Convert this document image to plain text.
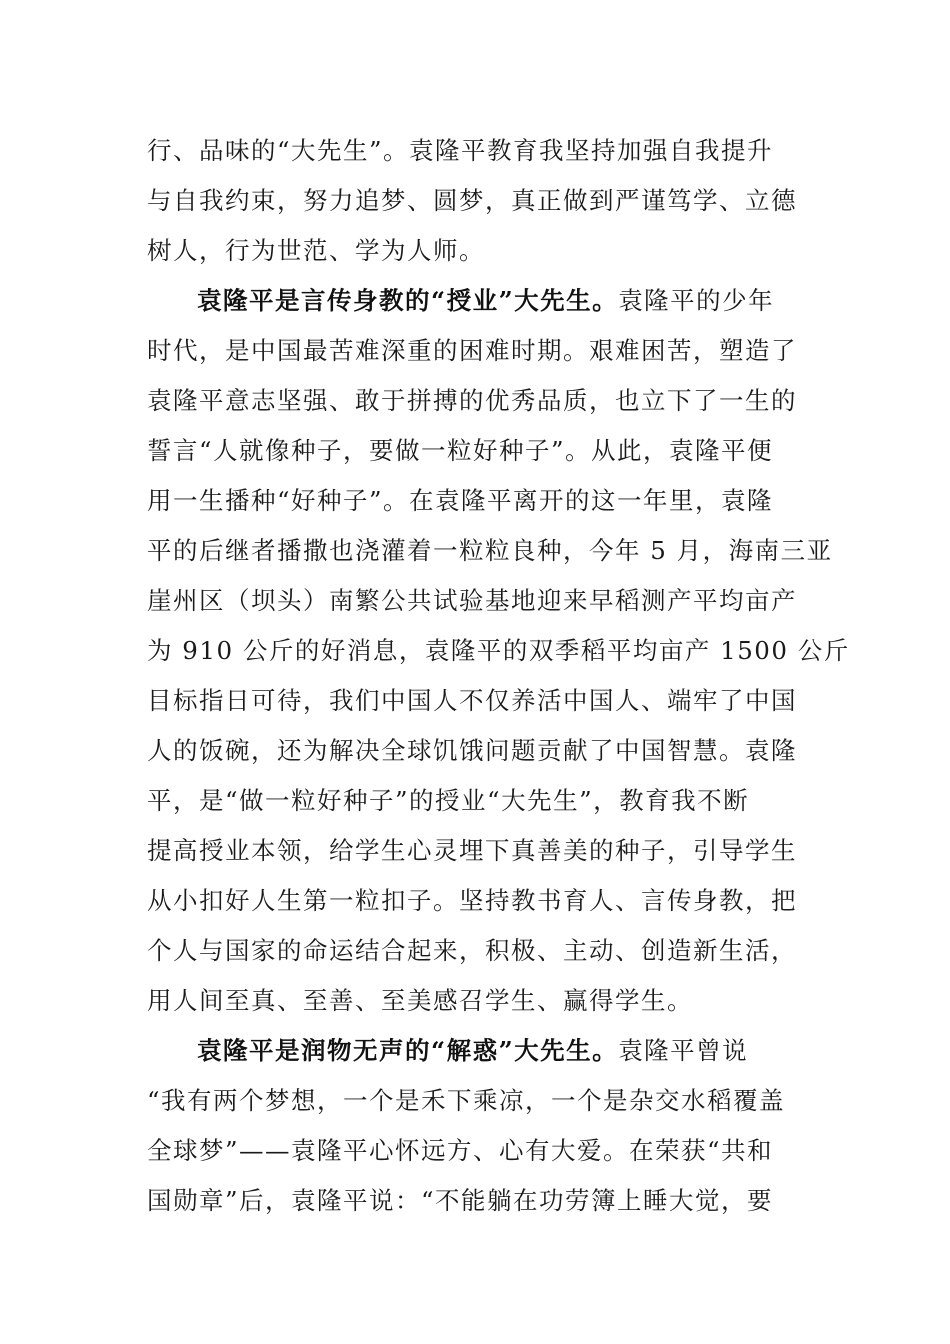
行、品味的“大先生”。袁隆平教育我坚持加强自我提升
与自我约束，努力追梦、圆梦，真正做到严谨笃学、立德
树人，行为世范、学为人师。
袁隆平是言传身教的“授业”大先生。袁隆平的少年
时代，是中国最苦难深重的困难时期。艰难困苦，塑造了
袁隆平意志坚强、敢于拼搏的优秀品质，也立下了一生的
誓言“人就像种子，要做一粒好种子”。从此，袁隆平便
用一生播种“好种子”。在袁隆平离开的这一年里，袁隆
平的后继者播撒也浇灌着一粒粒良种，今年 5 月，海南三亚
崖州区（坝头）南繁公共试验基地迎来早稻测产平均亩产
为 910 公斤的好消息，袁隆平的双季稻平均亩产 1500 公斤
目标指日可待，我们中国人不仅养活中国人、端牢了中国
人的饭碗，还为解决全球饥饿问题贡献了中国智慧。袁隆
平，是“做一粒好种子”的授业“大先生”，教育我不断
提高授业本领，给学生心灵埋下真善美的种子，引导学生
从小扣好人生第一粒扣子。坚持教书育人、言传身教，把
个人与国家的命运结合起来，积极、主动、创造新生活，
用人间至真、至善、至美感召学生、赢得学生。
袁隆平是润物无声的“解惑”大先生。袁隆平曾说
“我有两个梦想，一个是禾下乘凉，一个是杂交水稻覆盖
全球梦”——袁隆平心怀远方、心有大爱。在荣获“共和
国勋章”后，袁隆平说：“不能躺在功劳簿上睡大觉，要
